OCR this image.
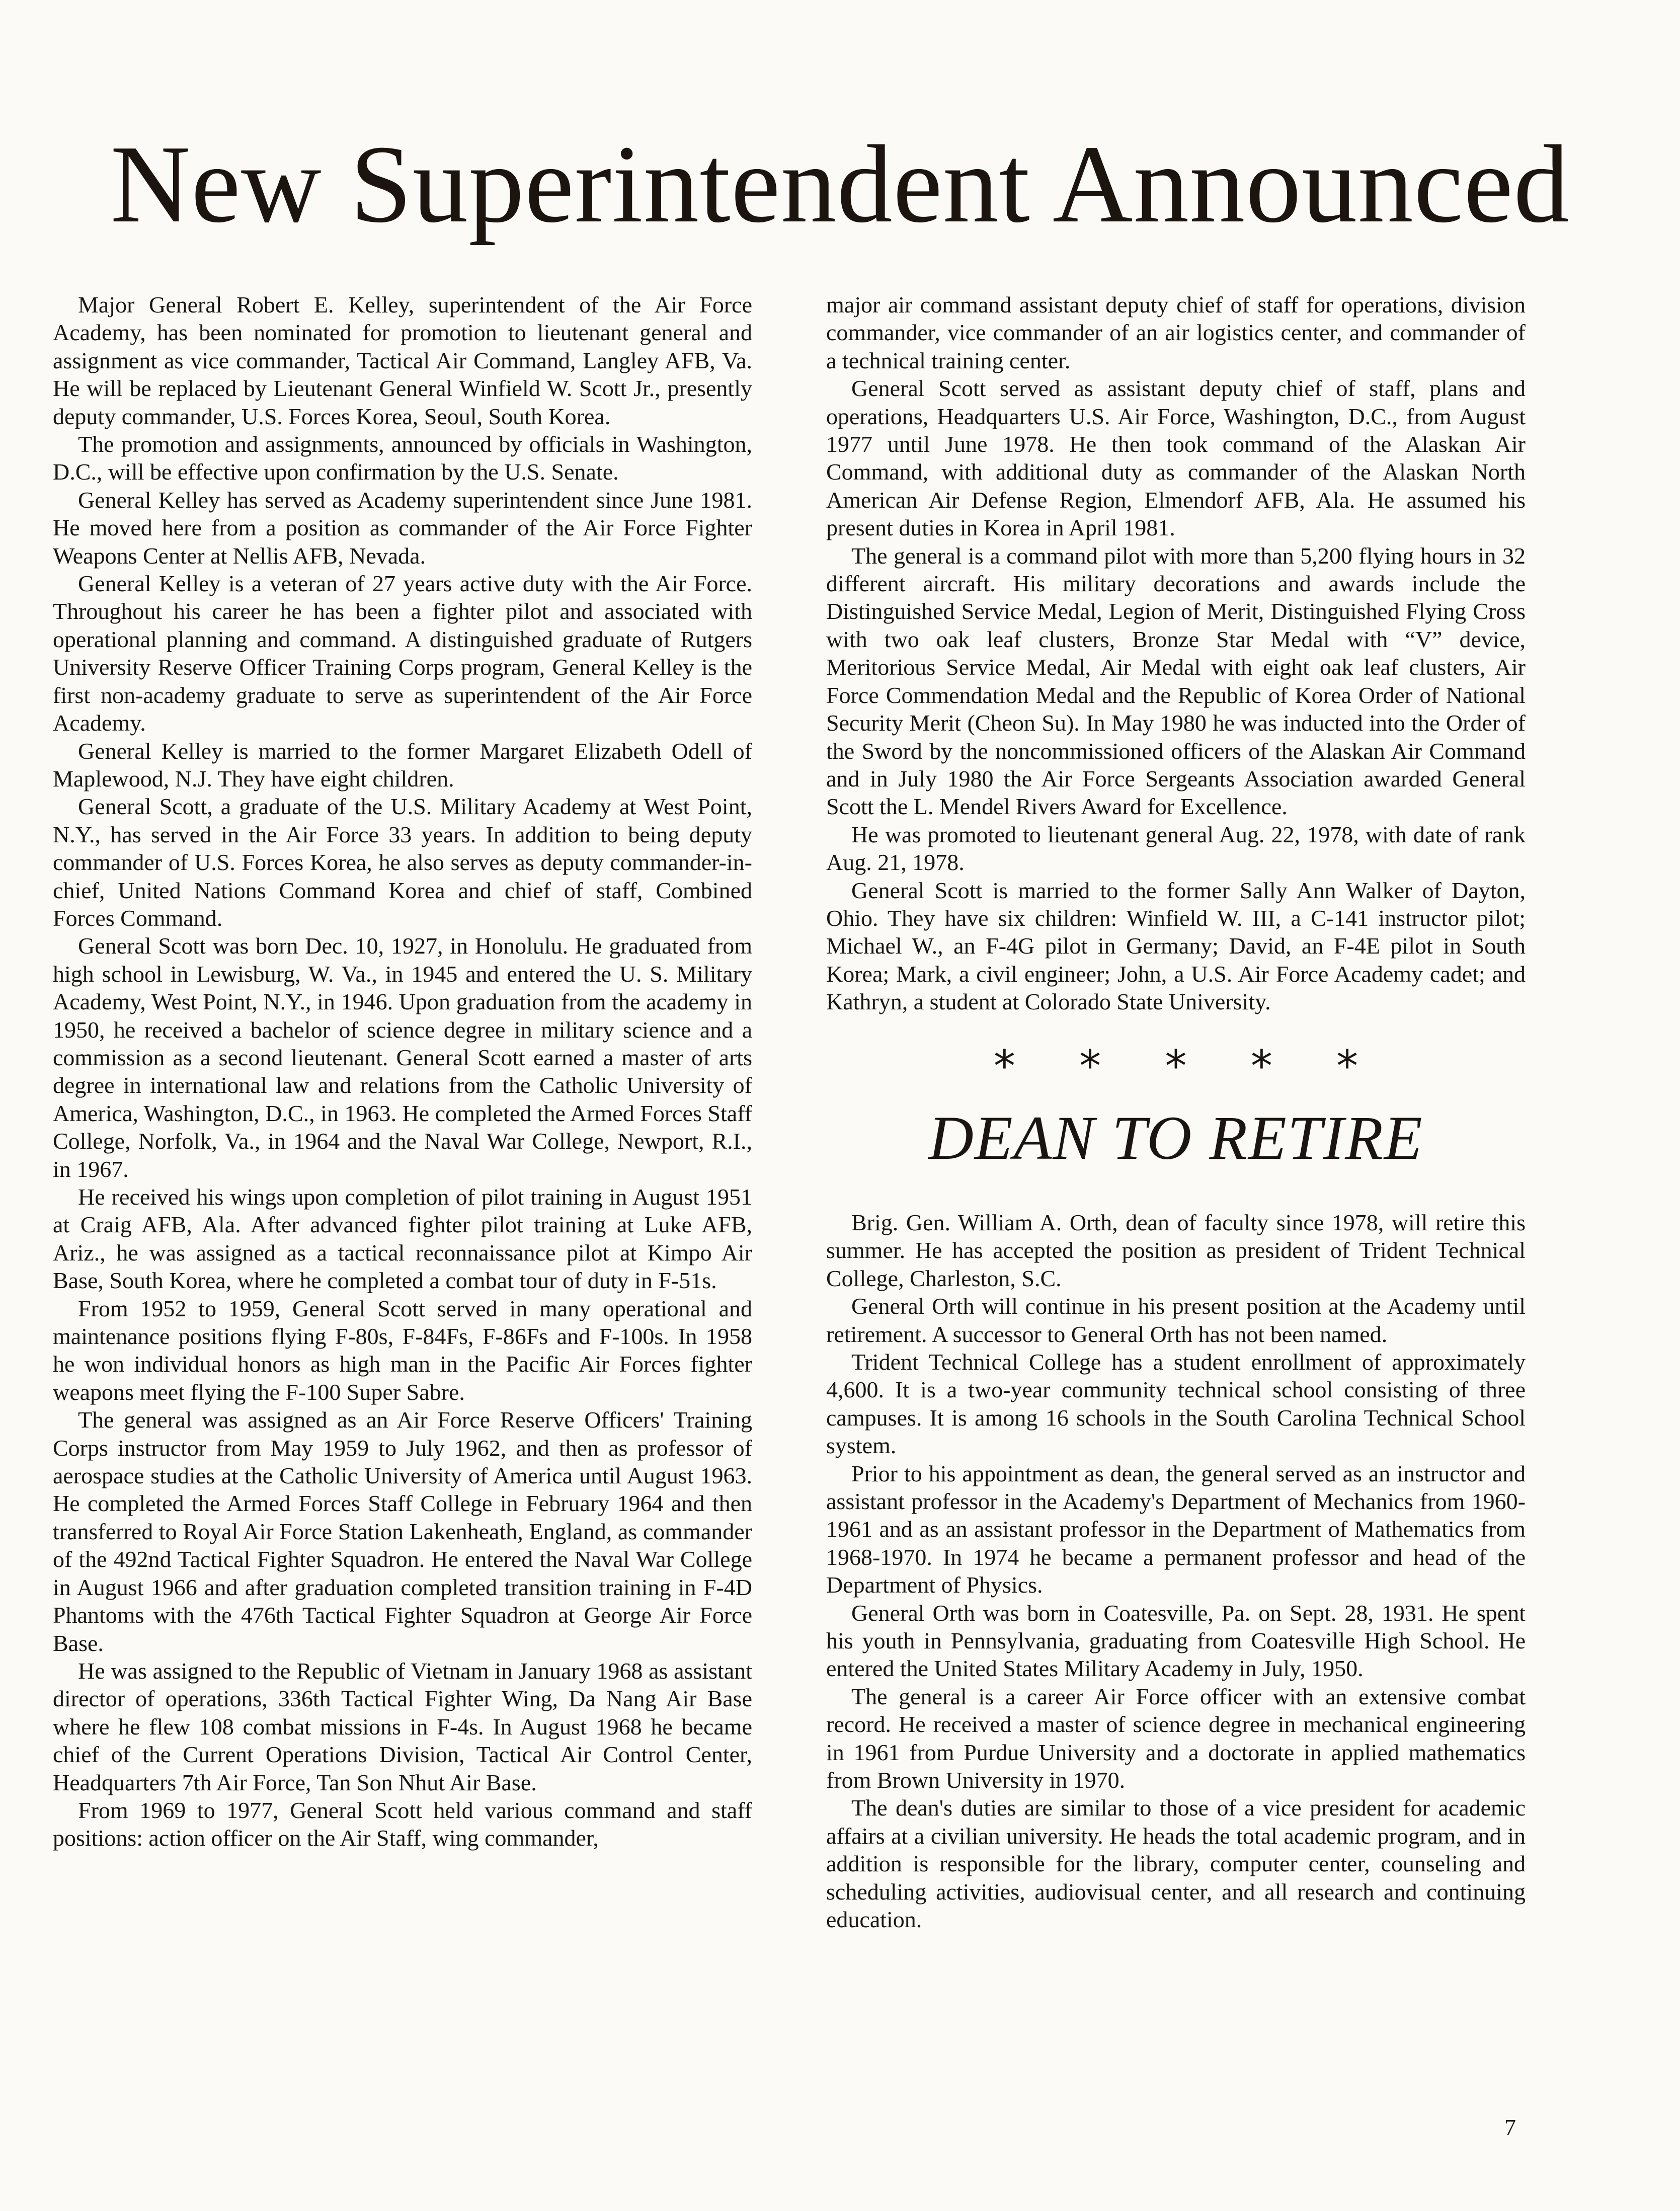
New Superintendent Announced

Major General Robert E. Kelley, superintendent of the Air Force Academy, has been nominated for promotion to lieutenant general and assignment as vice commander, Tactical Air Command, Langley AFB, Va. He will be replaced by Lieutenant General Winfield W. Scott Jr., presently deputy commander, U.S. Forces Korea, Seoul, South Korea.

The promotion and assignments, announced by officials in Washington, D.C., will be effective upon confirmation by the U.S. Senate.

General Kelley has served as Academy superintendent since June 1981. He moved here from a position as commander of the Air Force Fighter Weapons Center at Nellis AFB, Nevada.

General Kelley is a veteran of 27 years active duty with the Air Force. Throughout his career he has been a fighter pilot and associated with operational planning and command. A distinguished graduate of Rutgers University Reserve Officer Training Corps program, General Kelley is the first non-academy graduate to serve as superintendent of the Air Force Academy.

General Kelley is married to the former Margaret Elizabeth Odell of Maplewood, N.J. They have eight children.

General Scott, a graduate of the U.S. Military Academy at West Point, N.Y., has served in the Air Force 33 years. In addition to being deputy commander of U.S. Forces Korea, he also serves as deputy commander-in-chief, United Nations Command Korea and chief of staff, Combined Forces Command.

General Scott was born Dec. 10, 1927, in Honolulu. He graduated from high school in Lewisburg, W. Va., in 1945 and entered the U. S. Military Academy, West Point, N.Y., in 1946. Upon graduation from the academy in 1950, he received a bachelor of science degree in military science and a commission as a second lieutenant. General Scott earned a master of arts degree in international law and relations from the Catholic University of America, Washington, D.C., in 1963. He completed the Armed Forces Staff College, Norfolk, Va., in 1964 and the Naval War College, Newport, R.I., in 1967.

He received his wings upon completion of pilot training in August 1951 at Craig AFB, Ala. After advanced fighter pilot training at Luke AFB, Ariz., he was assigned as a tactical reconnaissance pilot at Kimpo Air Base, South Korea, where he completed a combat tour of duty in F-51s.

From 1952 to 1959, General Scott served in many operational and maintenance positions flying F-80s, F-84Fs, F-86Fs and F-100s. In 1958 he won individual honors as high man in the Pacific Air Forces fighter weapons meet flying the F-100 Super Sabre.

The general was assigned as an Air Force Reserve Officers' Training Corps instructor from May 1959 to July 1962, and then as professor of aerospace studies at the Catholic University of America until August 1963. He completed the Armed Forces Staff College in February 1964 and then transferred to Royal Air Force Station Lakenheath, England, as commander of the 492nd Tactical Fighter Squadron. He entered the Naval War College in August 1966 and after graduation completed transition training in F-4D Phantoms with the 476th Tactical Fighter Squadron at George Air Force Base.

He was assigned to the Republic of Vietnam in January 1968 as assistant director of operations, 336th Tactical Fighter Wing, Da Nang Air Base where he flew 108 combat missions in F-4s. In August 1968 he became chief of the Current Operations Division, Tactical Air Control Center, Headquarters 7th Air Force, Tan Son Nhut Air Base.

From 1969 to 1977, General Scott held various command and staff positions: action officer on the Air Staff, wing commander,

major air command assistant deputy chief of staff for operations, division commander, vice commander of an air logistics center, and commander of a technical training center.

General Scott served as assistant deputy chief of staff, plans and operations, Headquarters U.S. Air Force, Washington, D.C., from August 1977 until June 1978. He then took command of the Alaskan Air Command, with additional duty as commander of the Alaskan North American Air Defense Region, Elmendorf AFB, Ala. He assumed his present duties in Korea in April 1981.

The general is a command pilot with more than 5,200 flying hours in 32 different aircraft. His military decorations and awards include the Distinguished Service Medal, Legion of Merit, Distinguished Flying Cross with two oak leaf clusters, Bronze Star Medal with “V” device, Meritorious Service Medal, Air Medal with eight oak leaf clusters, Air Force Commendation Medal and the Republic of Korea Order of National Security Merit (Cheon Su). In May 1980 he was inducted into the Order of the Sword by the noncommissioned officers of the Alaskan Air Command and in July 1980 the Air Force Sergeants Association awarded General Scott the L. Mendel Rivers Award for Excellence.

He was promoted to lieutenant general Aug. 22, 1978, with date of rank Aug. 21, 1978.

General Scott is married to the former Sally Ann Walker of Dayton, Ohio. They have six children: Winfield W. III, a C-141 instructor pilot; Michael W., an F-4G pilot in Germany; David, an F-4E pilot in South Korea; Mark, a civil engineer; John, a U.S. Air Force Academy cadet; and Kathryn, a student at Colorado State University.

* * * * *
DEAN TO RETIRE

Brig. Gen. William A. Orth, dean of faculty since 1978, will retire this summer. He has accepted the position as president of Trident Technical College, Charleston, S.C.

General Orth will continue in his present position at the Academy until retirement. A successor to General Orth has not been named.

Trident Technical College has a student enrollment of approximately 4,600. It is a two-year community technical school consisting of three campuses. It is among 16 schools in the South Carolina Technical School system.

Prior to his appointment as dean, the general served as an instructor and assistant professor in the Academy's Department of Mechanics from 1960-1961 and as an assistant professor in the Department of Mathematics from 1968-1970. In 1974 he became a permanent professor and head of the Department of Physics.

General Orth was born in Coatesville, Pa. on Sept. 28, 1931. He spent his youth in Pennsylvania, graduating from Coatesville High School. He entered the United States Military Academy in July, 1950.

The general is a career Air Force officer with an extensive combat record. He received a master of science degree in mechanical engineering in 1961 from Purdue University and a doctorate in applied mathematics from Brown University in 1970.

The dean's duties are similar to those of a vice president for academic affairs at a civilian university. He heads the total academic program, and in addition is responsible for the library, computer center, counseling and scheduling activities, audiovisual center, and all research and continuing education.

7
